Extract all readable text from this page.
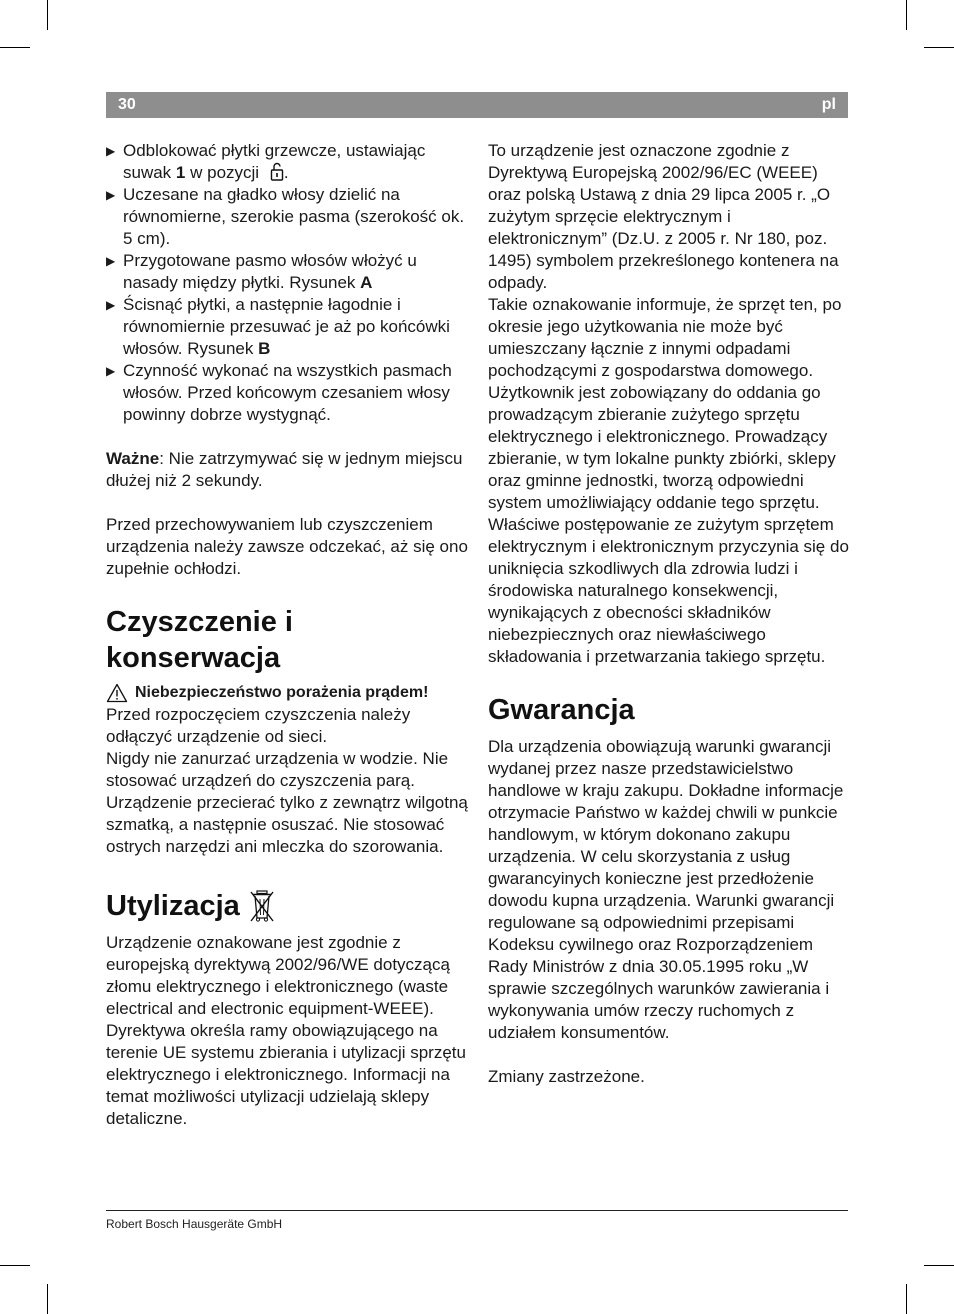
30	pl
▶ Odblokować płytki grzewcze, ustawiając suwak 1 w pozycji .
▶ Uczesane na gładko włosy dzielić na równomierne, szerokie pasma (szerokość ok. 5 cm).
▶ Przygotowane pasmo włosów włożyć u nasady między płytki. Rysunek A
▶ Ścisnąć płytki, a następnie łagodnie i równomiernie przesuwać je aż po końcówki włosów. Rysunek B
▶ Czynność wykonać na wszystkich pasmach włosów. Przed końcowym czesaniem włosy powinny dobrze wystygnąć.

Ważne: Nie zatrzymywać się w jednym miejscu dłużej niż 2 sekundy.

Przed przechowywaniem lub czyszczeniem urządzenia należy zawsze odczekać, aż się ono zupełnie ochłodzi.

Czyszczenie i konserwacja
Niebezpieczeństwo porażenia prądem!

Przed rozpoczęciem czyszczenia należy odłączyć urządzenie od sieci.

Nigdy nie zanurzać urządzenia w wodzie. Nie stosować urządzeń do czyszczenia parą.

Urządzenie przecierać tylko z zewnątrz wilgotną szmatką, a następnie osuszać. Nie stosować ostrych narzędzi ani mleczka do szorowania.

Utylizacja

Urządzenie oznakowane jest zgodnie z europejską dyrektywą 2002/96/WE dotyczącą złomu elektrycznego i elektronicznego (waste electrical and electronic equipment-WEEE). Dyrektywa określa ramy obowiązującego na terenie UE systemu zbierania i utylizacji sprzętu elektrycznego i elektronicznego. Informacji na temat możliwości utylizacji udzielają sklepy detaliczne.

To urządzenie jest oznaczone zgodnie z Dyrektywą Europejską 2002/96/EC (WEEE) oraz polską Ustawą z dnia 29 lipca 2005 r. „O zużytym sprzęcie elektrycznym i elektronicznym” (Dz.U. z 2005 r. Nr 180, poz. 1495) symbolem przekreślonego kontenera na odpady.

Takie oznakowanie informuje, że sprzęt ten, po okresie jego użytkowania nie może być umieszczany łącznie z innymi odpadami pochodzącymi z gospodarstwa domowego.

Użytkownik jest zobowiązany do oddania go prowadzącym zbieranie zużytego sprzętu elektrycznego i elektronicznego. Prowadzący zbieranie, w tym lokalne punkty zbiórki, sklepy oraz gminne jednostki, tworzą odpowiedni system umożliwiający oddanie tego sprzętu.

Właściwe postępowanie ze zużytym sprzętem elektrycznym i elektronicznym przyczynia się do uniknięcia szkodliwych dla zdrowia ludzi i środowiska naturalnego konsekwencji, wynikających z obecności składników niebezpiecznych oraz niewłaściwego składowania i przetwarzania takiego sprzętu.

Gwarancja

Dla urządzenia obowiązują warunki gwarancji wydanej przez nasze przedstawicielstwo handlowe w kraju zakupu. Dokładne informacje otrzymacie Państwo w każdej chwili w punkcie handlowym, w którym dokonano zakupu urządzenia. W celu skorzystania z usług gwarancyinych konieczne jest przedłożenie dowodu kupna urządzenia. Warunki gwarancji regulowane są odpowiednimi przepisami Kodeksu cywilnego oraz Rozporządzeniem Rady Ministrów z dnia 30.05.1995 roku „W sprawie szczególnych warunków zawierania i wykonywania umów rzeczy ruchomych z udziałem konsumentów.

Zmiany zastrzeżone.

Robert Bosch Hausgeräte GmbH
